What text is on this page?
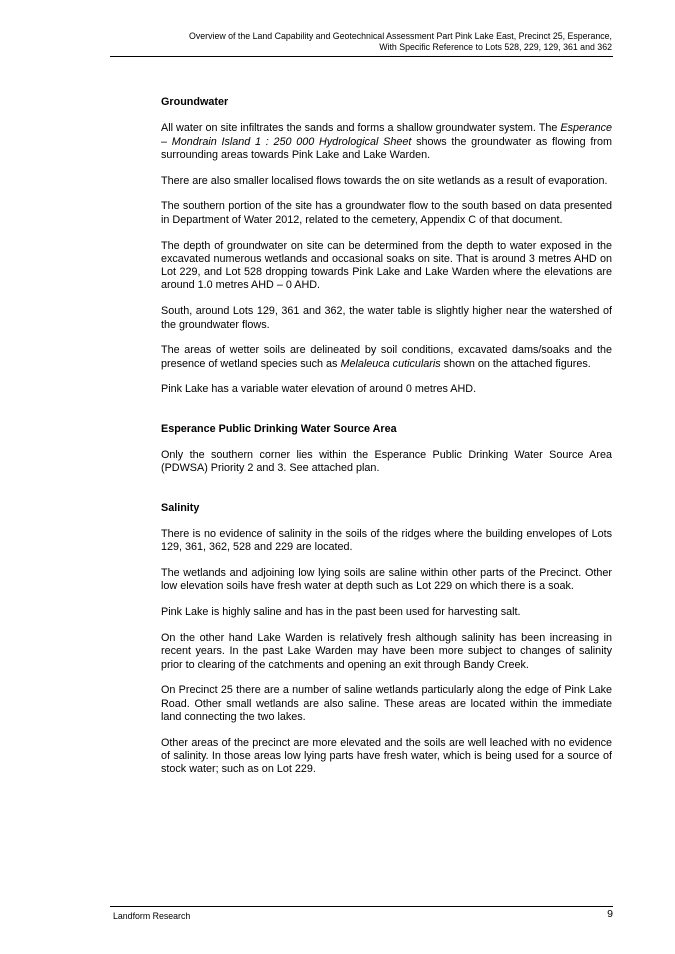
Overview of the Land Capability and Geotechnical Assessment Part Pink Lake East, Precinct 25, Esperance,
With Specific Reference to Lots 528, 229, 129, 361 and 362
Groundwater

All water on site infiltrates the sands and forms a shallow groundwater system. The Esperance – Mondrain Island 1 : 250 000 Hydrological Sheet shows the groundwater as flowing from surrounding areas towards Pink Lake and Lake Warden.

There are also smaller localised flows towards the on site wetlands as a result of evaporation.

The southern portion of the site has a groundwater flow to the south based on data presented in Department of Water 2012, related to the cemetery, Appendix C of that document.

The depth of groundwater on site can be determined from the depth to water exposed in the excavated numerous wetlands and occasional soaks on site. That is around 3 metres AHD on Lot 229, and Lot 528 dropping towards Pink Lake and Lake Warden where the elevations are around 1.0 metres AHD – 0 AHD.

South, around Lots 129, 361 and 362, the water table is slightly higher near the watershed of the groundwater flows.

The areas of wetter soils are delineated by soil conditions, excavated dams/soaks and the presence of wetland species such as Melaleuca cuticularis shown on the attached figures.

Pink Lake has a variable water elevation of around 0 metres AHD.

Esperance Public Drinking Water Source Area

Only the southern corner lies within the Esperance Public Drinking Water Source Area (PDWSA) Priority 2 and 3. See attached plan.

Salinity

There is no evidence of salinity in the soils of the ridges where the building envelopes of Lots 129, 361, 362, 528 and 229 are located.

The wetlands and adjoining low lying soils are saline within other parts of the Precinct. Other low elevation soils have fresh water at depth such as Lot 229 on which there is a soak.

Pink Lake is highly saline and has in the past been used for harvesting salt.

On the other hand Lake Warden is relatively fresh although salinity has been increasing in recent years. In the past Lake Warden may have been more subject to changes of salinity prior to clearing of the catchments and opening an exit through Bandy Creek.

On Precinct 25 there are a number of saline wetlands particularly along the edge of Pink Lake Road. Other small wetlands are also saline. These areas are located within the immediate land connecting the two lakes.

Other areas of the precinct are more elevated and the soils are well leached with no evidence of salinity. In those areas low lying parts have fresh water, which is being used for a source of stock water; such as on Lot 229.

Landform Research	9
